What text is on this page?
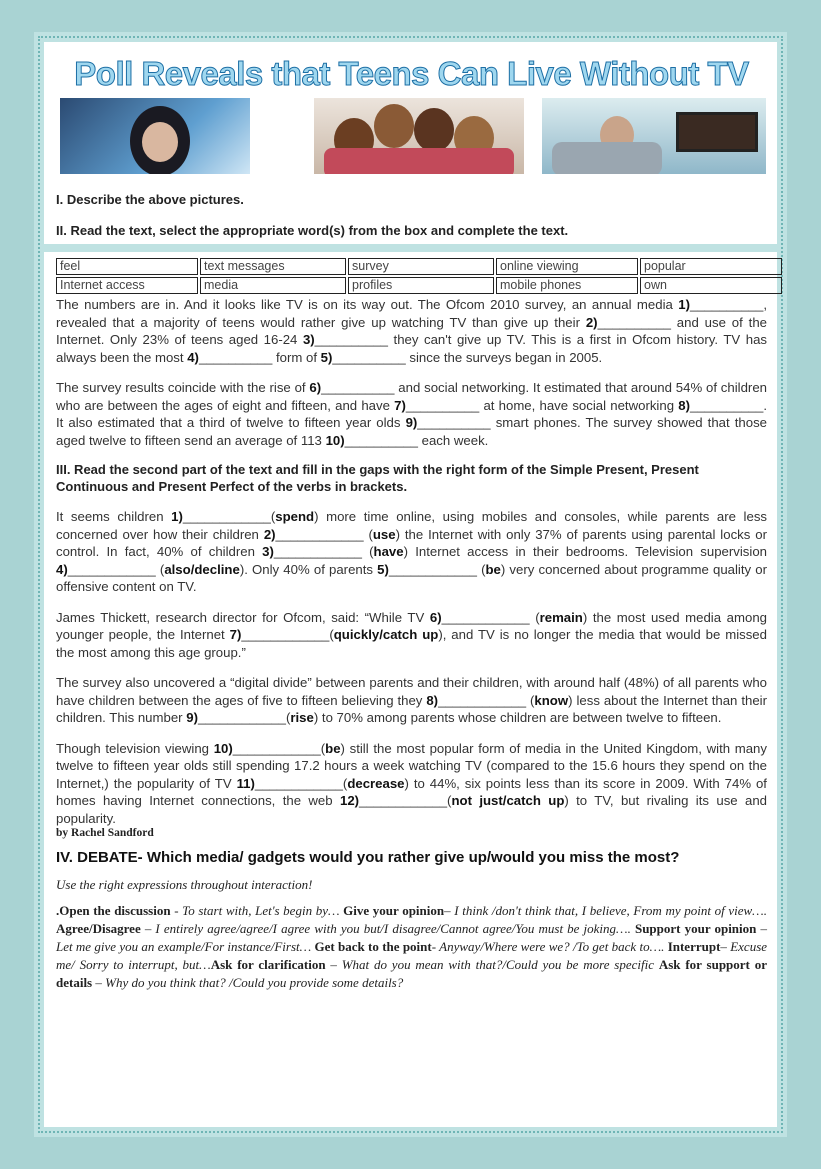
Poll Reveals that Teens Can Live Without TV

I. Describe the above pictures.

II. Read the text, select the appropriate word(s) from the box and complete the text.

feel	text messages	survey	online viewing	popular
Internet access	media	profiles	mobile phones	own

The numbers are in. And it looks like TV is on its way out. The Ofcom 2010 survey, an annual media 1)__________, revealed that a majority of teens would rather give up watching TV than give up their 2)__________ and use of the Internet. Only 23% of teens aged 16-24 3)__________ they can't give up TV. This is a first in Ofcom history. TV has always been the most 4)__________ form of 5)__________ since the surveys began in 2005.

The survey results coincide with the rise of 6)__________ and social networking. It estimated that around 54% of children who are between the ages of eight and fifteen, and have 7)__________ at home, have social networking 8)__________. It also estimated that a third of twelve to fifteen year olds 9)__________ smart phones. The survey showed that those aged twelve to fifteen send an average of 113 10)__________ each week.

III. Read the second part of the text and fill in the gaps with the right form of the Simple Present, Present Continuous and Present Perfect of the verbs in brackets.

It seems children 1)____________(spend) more time online, using mobiles and consoles, while parents are less concerned over how their children 2)____________ (use) the Internet with only 37% of parents using parental locks or control. In fact, 40% of children 3)____________ (have) Internet access in their bedrooms. Television supervision 4)____________ (also/decline). Only 40% of parents 5)____________ (be) very concerned about programme quality or offensive content on TV.

James Thickett, research director for Ofcom, said: “While TV 6)____________ (remain) the most used media among younger people, the Internet 7)____________(quickly/catch up), and TV is no longer the media that would be missed the most among this age group.”

The survey also uncovered a “digital divide” between parents and their children, with around half (48%) of all parents who have children between the ages of five to fifteen believing they 8)____________ (know) less about the Internet than their children. This number 9)____________(rise) to 70% among parents whose children are between twelve to fifteen.

Though television viewing 10)____________(be) still the most popular form of media in the United Kingdom, with many twelve to fifteen year olds still spending 17.2 hours a week watching TV (compared to the 15.6 hours they spend on the Internet,) the popularity of TV 11)____________(decrease) to 44%, six points less than its score in 2009. With 74% of homes having Internet connections, the web 12)____________(not just/catch up) to TV, but rivaling its use and popularity.

by Rachel Sandford

IV. DEBATE- Which media/ gadgets would you rather give up/would you miss the most?

Use the right expressions throughout interaction!

.Open the discussion - To start with, Let's begin by… Give your opinion– I think /don't think that, I believe, From my point of view…. Agree/Disagree – I entirely agree/agree/I agree with you but/I disagree/Cannot agree/You must be joking…. Support your opinion – Let me give you an example/For instance/First… Get back to the point- Anyway/Where were we? /To get back to…. Interrupt– Excuse me/ Sorry to interrupt, but…Ask for clarification – What do you mean with that?/Could you be more specific Ask for support or details – Why do you think that? /Could you provide some details?
